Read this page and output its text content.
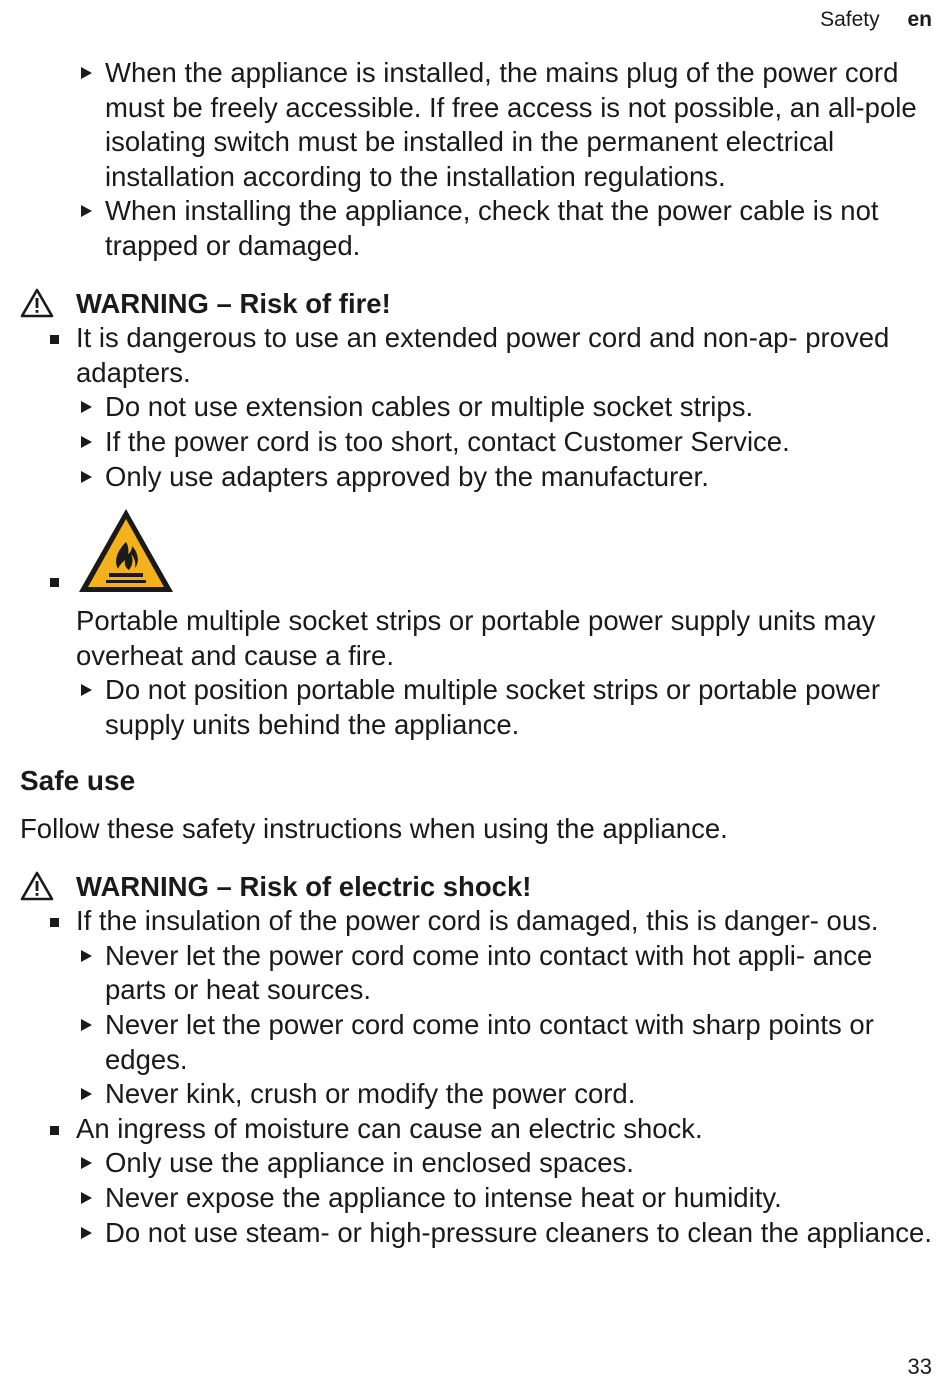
Safety en
When the appliance is installed, the mains plug of the power cord must be freely accessible. If free access is not possible, an all-pole isolating switch must be installed in the permanent electrical installation according to the installation regulations.
When installing the appliance, check that the power cable is not trapped or damaged.
WARNING – Risk of fire!
It is dangerous to use an extended power cord and non-ap- proved adapters.
Do not use extension cables or multiple socket strips.
If the power cord is too short, contact Customer Service.
Only use adapters approved by the manufacturer.
Portable multiple socket strips or portable power supply units may overheat and cause a fire.
Do not position portable multiple socket strips or portable power supply units behind the appliance.
Safe use
Follow these safety instructions when using the appliance.
WARNING – Risk of electric shock!
If the insulation of the power cord is damaged, this is danger- ous.
Never let the power cord come into contact with hot appli- ance parts or heat sources.
Never let the power cord come into contact with sharp points or edges.
Never kink, crush or modify the power cord.
An ingress of moisture can cause an electric shock.
Only use the appliance in enclosed spaces.
Never expose the appliance to intense heat or humidity.
Do not use steam- or high-pressure cleaners to clean the appliance.
33
